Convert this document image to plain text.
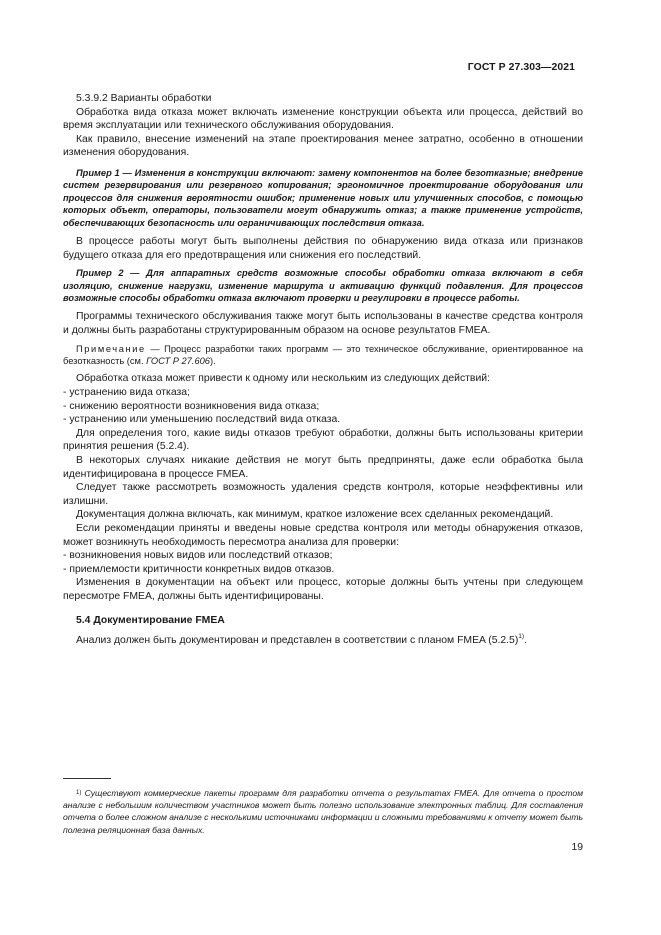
ГОСТ Р 27.303—2021

5.3.9.2 Варианты обработки

Обработка вида отказа может включать изменение конструкции объекта или процесса, действий во время эксплуатации или технического обслуживания оборудования.

Как правило, внесение изменений на этапе проектирования менее затратно, особенно в отношении изменения оборудования.

Пример 1 — Изменения в конструкции включают: замену компонентов на более безотказные; внедрение систем резервирования или резервного копирования; эргономичное проектирование оборудования или процессов для снижения вероятности ошибок; применение новых или улучшенных способов, с помощью которых объект, операторы, пользователи могут обнаружить отказ; а также применение устройств, обеспечивающих безопасность или ограничивающих последствия отказа.

В процессе работы могут быть выполнены действия по обнаружению вида отказа или признаков будущего отказа для его предотвращения или снижения его последствий.

Пример 2 — Для аппаратных средств возможные способы обработки отказа включают в себя изоляцию, снижение нагрузки, изменение маршрута и активацию функций подавления. Для процессов возможные способы обработки отказа включают проверки и регулировки в процессе работы.

Программы технического обслуживания также могут быть использованы в качестве средства контроля и должны быть разработаны структурированным образом на основе результатов FMEA.

Примечание — Процесс разработки таких программ — это техническое обслуживание, ориентированное на безотказность (см. ГОСТ Р 27.606).

Обработка отказа может привести к одному или нескольким из следующих действий:

- устранению вида отказа;

- снижению вероятности возникновения вида отказа;

- устранению или уменьшению последствий вида отказа.

Для определения того, какие виды отказов требуют обработки, должны быть использованы критерии принятия решения (5.2.4).

В некоторых случаях никакие действия не могут быть предприняты, даже если обработка была идентифицирована в процессе FMEA.

Следует также рассмотреть возможность удаления средств контроля, которые неэффективны или излишни.

Документация должна включать, как минимум, краткое изложение всех сделанных рекомендаций.

Если рекомендации приняты и введены новые средства контроля или методы обнаружения отказов, может возникнуть необходимость пересмотра анализа для проверки:

- возникновения новых видов или последствий отказов;

- приемлемости критичности конкретных видов отказов.

Изменения в документации на объект или процесс, которые должны быть учтены при следующем пересмотре FMEA, должны быть идентифицированы.

5.4 Документирование FMEA

Анализ должен быть документирован и представлен в соответствии с планом FMEA $(5.2.5)^{1)}$.

$^{1)}$ Существуют коммерческие пакеты программ для разработки отчета о результатах FMEA. Для отчета о простом анализе с небольшим количеством участников может быть полезно использование электронных таблиц. Для составления отчета о более сложном анализе с несколькими источниками информации и сложными требованиями к отчету может быть полезна реляционная база данных.

19
